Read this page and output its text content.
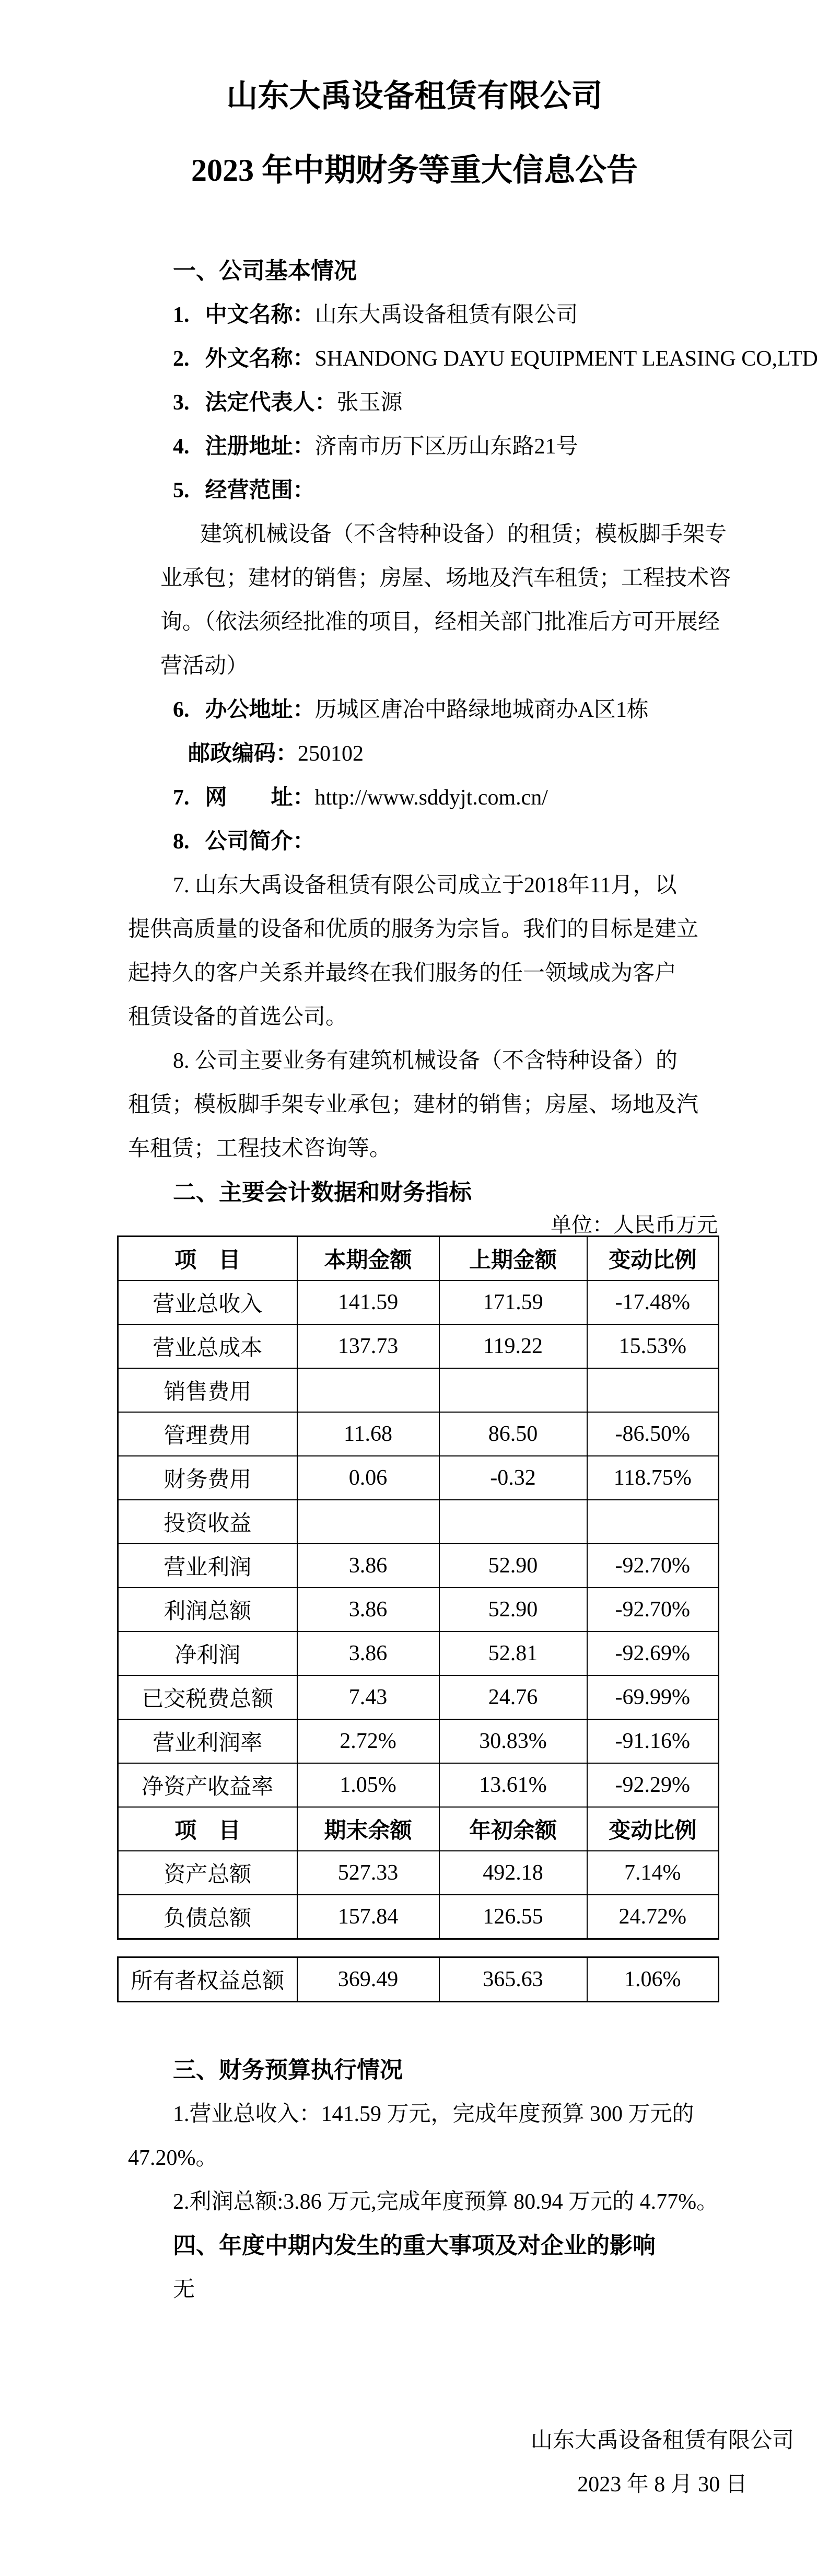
山东大禹设备租赁有限公司
2023 年中期财务等重大信息公告
一、公司基本情况
1. 中文名称：山东大禹设备租赁有限公司
2. 外文名称：SHANDONG DAYU EQUIPMENT LEASING CO,LTD
3. 法定代表人：张玉源
4. 注册地址：济南市历下区历山东路21号
5. 经营范围：
建筑机械设备（不含特种设备）的租赁；模板脚手架专
业承包；建材的销售；房屋、场地及汽车租赁；工程技术咨
询。（依法须经批准的项目，经相关部门批准后方可开展经
营活动）
6. 办公地址：历城区唐冶中路绿地城商办A区1栋
邮政编码：250102
7. 网　　址：http://www.sddyjt.com.cn/
8. 公司简介：
7. 山东大禹设备租赁有限公司成立于2018年11月，以
提供高质量的设备和优质的服务为宗旨。我们的目标是建立
起持久的客户关系并最终在我们服务的任一领域成为客户
租赁设备的首选公司。
8. 公司主要业务有建筑机械设备（不含特种设备）的
租赁；模板脚手架专业承包；建材的销售；房屋、场地及汽
车租赁；工程技术咨询等。
二、主要会计数据和财务指标
单位：人民币万元
项　目	本期金额	上期金额	变动比例
营业总收入	141.59	171.59	-17.48%
营业总成本	137.73	119.22	15.53%
销售费用			
管理费用	11.68	86.50	-86.50%
财务费用	0.06	-0.32	118.75%
投资收益			
营业利润	3.86	52.90	-92.70%
利润总额	3.86	52.90	-92.70%
净利润	3.86	52.81	-92.69%
已交税费总额	7.43	24.76	-69.99%
营业利润率	2.72%	30.83%	-91.16%
净资产收益率	1.05%	13.61%	-92.29%
项　目	期末余额	年初余额	变动比例
资产总额	527.33	492.18	7.14%
负债总额	157.84	126.55	24.72%
所有者权益总额	369.49	365.63	1.06%
三、财务预算执行情况
1.营业总收入：141.59 万元，完成年度预算 300 万元的
47.20%。
2.利润总额:3.86 万元,完成年度预算 80.94 万元的 4.77%。
四、年度中期内发生的重大事项及对企业的影响
无
山东大禹设备租赁有限公司
2023 年 8 月 30 日
